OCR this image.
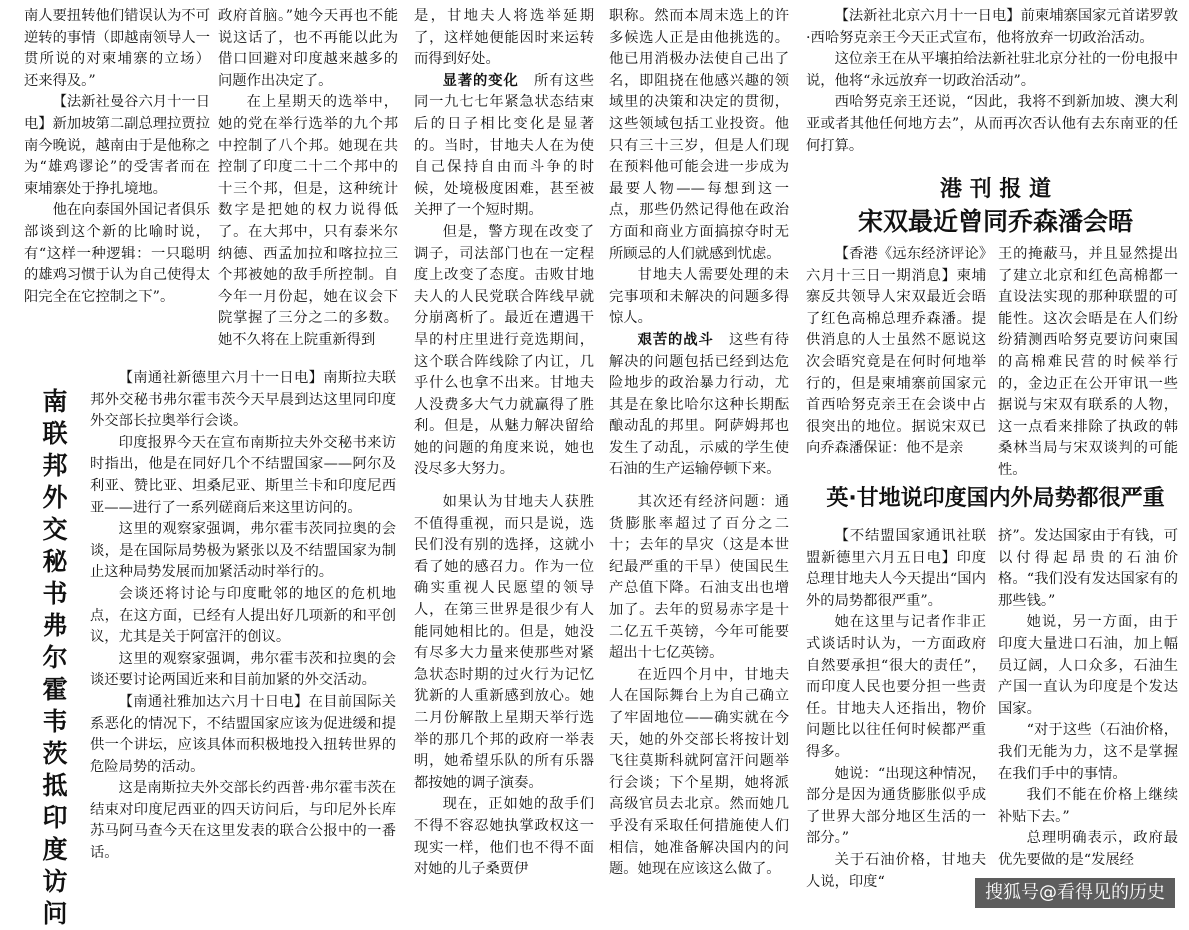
南人要扭转他们错误认为不可逆转的事情（即越南领导人一贯所说的对柬埔寨的立场） 还来得及。”

【法新社曼谷六月十一日电】新加坡第二副总理拉贾拉南今晚说，越南由于是他称之为“雄鸡谬论”的受害者而在柬埔寨处于挣扎境地。

他在向泰国外国记者俱乐部谈到这个新的比喻时说，有“这样一种逻辑：一只聪明的雄鸡习惯于认为自己使得太阳完全在它控制之下”。

政府首脑。”她今天再也不能说这话了，也不再能以此为借口回避对印度越来越多的问题作出决定了。

在上星期天的选举中，她的党在举行选举的九个邦中控制了八个邦。她现在共控制了印度二十二个邦中的十三个邦，但是，这种统计数字是把她的权力说得低了。在大邦中，只有泰米尔纳德、西孟加拉和喀拉拉三个邦被她的敌手所控制。自今年一月份起，她在议会下院掌握了三分之二的多数。她不久将在上院重新得到

是，甘地夫人将选举延期了，这样她便能因时来运转而得到好处。

显著的变化　 所有这些同一九七七年紧急状态结束后的日子相比变化是显著的。当时，甘地夫人在为使自己保持自由而斗争的时候，处境极度困难，甚至被关押了一个短时期。

但是，警方现在改变了调子，司法部门也在一定程度上改变了态度。击败甘地夫人的人民党联合阵线早就分崩离析了。最近在遭遇干旱的村庄里进行竞选期间，这个联合阵线除了内讧，几乎什么也拿不出来。甘地夫人没费多大气力就赢得了胜利。但是，从魅力解决留给她的问题的角度来说，她也没尽多大努力。

职称。然而本周末选上的许多候选人正是由他挑选的。他已用消极办法使自己出了名，即阻挠在他感兴趣的领域里的决策和决定的贯彻，这些领域包括工业投资。他只有三十三岁，但是人们现在预料他可能会进一步成为最要人物——每想到这一点，那些仍然记得他在政治方面和商业方面搞掠夺时无所顾忌的人们就感到忧虑。

甘地夫人需要处理的未完事项和未解决的问题多得惊人。

艰苦的战斗　 这些有待解决的问题包括已经到达危险地步的政治暴力行动，尤其是在象比哈尔这种长期酝酿动乱的邦里。阿萨姆邦也发生了动乱，示威的学生使石油的生产运输停顿下来。

【法新社北京六月十一日电】前柬埔寨国家元首诺罗敦·西哈努克亲王今天正式宣布，他将放弃一切政治活动。

这位亲王在从平壤拍给法新社驻北京分社的一份电报中说，他将“永远放弃一切政治活动”。

西哈努克亲王还说，“因此，我将不到新加坡、澳大利亚或者其他任何地方去”，从而再次否认他有去东南亚的任何打算。

南联邦外交秘书弗尔霍韦茨抵印度访问

【南通社新德里六月十一日电】南斯拉夫联邦外交秘书弗尔霍韦茨今天早晨到达这里同印度外交部长拉奥举行会谈。

印度报界今天在宣布南斯拉夫外交秘书来访时指出，他是在同好几个不结盟国家——阿尔及利亚、赞比亚、坦桑尼亚、斯里兰卡和印度尼西亚——进行了一系列磋商后来这里访问的。

这里的观察家强调，弗尔霍韦茨同拉奥的会谈，是在国际局势极为紧张以及不结盟国家为制止这种局势发展而加紧活动时举行的。

会谈还将讨论与印度毗邻的地区的危机地点，在这方面，已经有人提出好几项新的和平创议，尤其是关于阿富汗的创议。

这里的观察家强调，弗尔霍韦茨和拉奥的会谈还要讨论两国近来和目前加紧的外交活动。

【南通社雅加达六月十日电】在目前国际关系恶化的情况下，不结盟国家应该为促进缓和提供一个讲坛，应该具体而积极地投入扭转世界的危险局势的活动。

这是南斯拉夫外交部长约西普·弗尔霍韦茨在结束对印度尼西亚的四天访问后，与印尼外长库苏马阿马查今天在这里发表的联合公报中的一番话。

如果认为甘地夫人获胜不值得重视，而只是说，选民们没有别的选择，这就小看了她的感召力。作为一位确实重视人民愿望的领导人，在第三世界是很少有人能同她相比的。但是，她没有尽多大力量来使那些对紧急状态时期的过火行为记忆犹新的人重新感到放心。她二月份解散上星期天举行选举的那几个邦的政府一举表明，她希望乐队的所有乐器都按她的调子演奏。

现在，正如她的敌手们不得不容忍她执掌政权这一现实一样，他们也不得不面对她的儿子桑贾伊

其次还有经济问题：通货膨胀率超过了百分之二十；去年的旱灾（这是本世纪最严重的干旱）使国民生产总值下降。石油支出也增加了。去年的贸易赤字是十二亿五千英镑，今年可能要超出十七亿英镑。

在近四个月中，甘地夫人在国际舞台上为自己确立了牢固地位——确实就在今天，她的外交部长将按计划飞往莫斯科就阿富汗问题举行会谈；下个星期，她将派高级官员去北京。然而她几乎没有采取任何措施使人们相信，她准备解决国内的问题。她现在应该这么做了。

港 刊 报 道
宋双最近曾同乔森潘会晤

【香港《远东经济评论》六月十三日一期消息】柬埔寨反共领导人宋双最近会晤了红色高棉总理乔森潘。提供消息的人士虽然不愿说这次会晤究竟是在何时何地举行的，但是柬埔寨前国家元首西哈努克亲王在会谈中占很突出的地位。据说宋双已向乔森潘保证：他不是亲

王的掩蔽马，并且显然提出了建立北京和红色高棉都一直设法实现的那种联盟的可能性。这次会晤是在人们纷纷猜测西哈努克要访问柬国的高棉难民营的时候举行的，金边正在公开审讯一些据说与宋双有联系的人物，这一点看来排除了执政的韩桑林当局与宋双谈判的可能性。

英·甘地说印度国内外局势都很严重

【不结盟国家通讯社联盟新德里六月五日电】印度总理甘地夫人今天提出“国内外的局势都很严重”。

她在这里与记者作非正式谈话时认为，一方面政府自然要承担“很大的责任”，而印度人民也要分担一些责任。甘地夫人还指出，物价问题比以往任何时候都严重得多。

她说：“出现这种情况，部分是因为通货膨胀似乎成了世界大部分地区生活的一部分。”

关于石油价格，甘地夫人说，印度“

挤”。发达国家由于有钱，可以付得起昂贵的石油价格。“我们没有发达国家有的那些钱。”

她说，另一方面，由于印度大量进口石油，加上幅员辽阔，人口众多，石油生产国一直认为印度是个发达国家。

“对于这些（石油价格，我们无能为力，这不是掌握在我们手中的事情。

我们不能在价格上继续补贴下去。”

总理明确表示，政府最优先要做的是“发展经

搜狐号@看得见的历史
